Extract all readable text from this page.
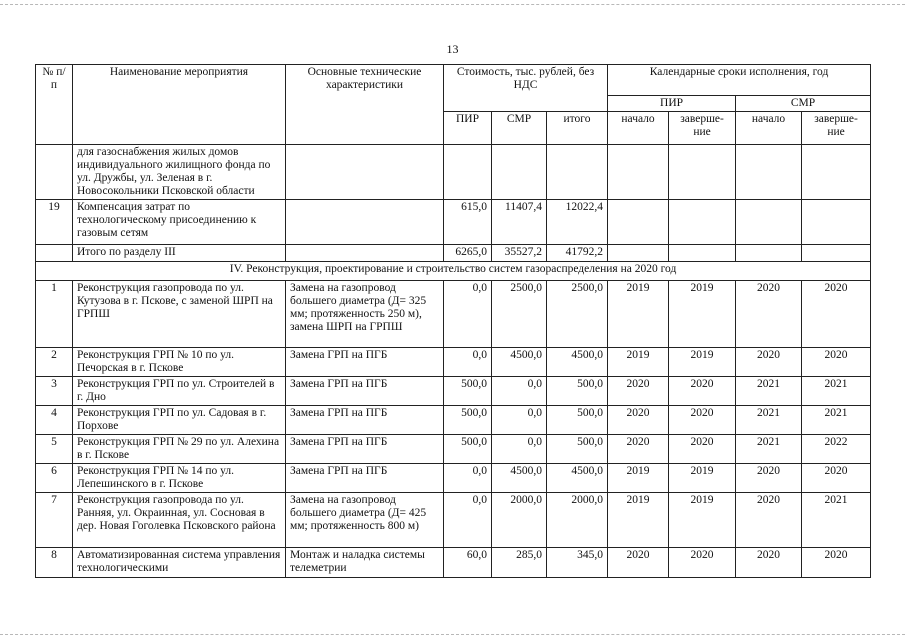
13
№ п/п	Наименование мероприятия	Основные технические характеристики	Стоимость, тыс. рублей, без НДС			Календарные сроки исполнения, год			
						ПИР		СМР	
			ПИР	СМР	итого	начало	заверше-ние	начало	заверше-ние
	для газоснабжения жилых домов индивидуального жилищного фонда по ул. Дружбы, ул. Зеленая в г. Новосокольники Псковской области								
19	Компенсация затрат по технологическому присоединению к газовым сетям		615,0	11407,4	12022,4				
	Итого по разделу III		6265,0	35527,2	41792,2				
IV. Реконструкция, проектирование и строительство систем газораспределения на 2020 год									
1	Реконструкция газопровода по ул. Кутузова в г. Пскове, с заменой ШРП на ГРПШ	Замена на газопровод большего диаметра (Д= 325 мм; протяженность 250 м), замена ШРП на ГРПШ	0,0	2500,0	2500,0	2019	2019	2020	2020
2	Реконструкция ГРП № 10 по ул. Печорская в г. Пскове	Замена ГРП на ПГБ	0,0	4500,0	4500,0	2019	2019	2020	2020
3	Реконструкция ГРП по ул. Строителей в г. Дно	Замена ГРП на ПГБ	500,0	0,0	500,0	2020	2020	2021	2021
4	Реконструкция ГРП по ул. Садовая в г. Порхове	Замена ГРП на ПГБ	500,0	0,0	500,0	2020	2020	2021	2021
5	Реконструкция ГРП № 29 по ул. Алехина в г. Пскове	Замена ГРП на ПГБ	500,0	0,0	500,0	2020	2020	2021	2022
6	Реконструкция ГРП № 14 по ул. Лепешинского в г. Пскове	Замена ГРП на ПГБ	0,0	4500,0	4500,0	2019	2019	2020	2020
7	Реконструкция газопровода по ул. Ранняя, ул. Окраинная, ул. Сосновая в дер. Новая Гоголевка Псковского района	Замена на газопровод большего диаметра (Д= 425 мм; протяженность 800 м)	0,0	2000,0	2000,0	2019	2019	2020	2021
8	Автоматизированная система управления технологическими	Монтаж и наладка системы телеметрии	60,0	285,0	345,0	2020	2020	2020	2020
